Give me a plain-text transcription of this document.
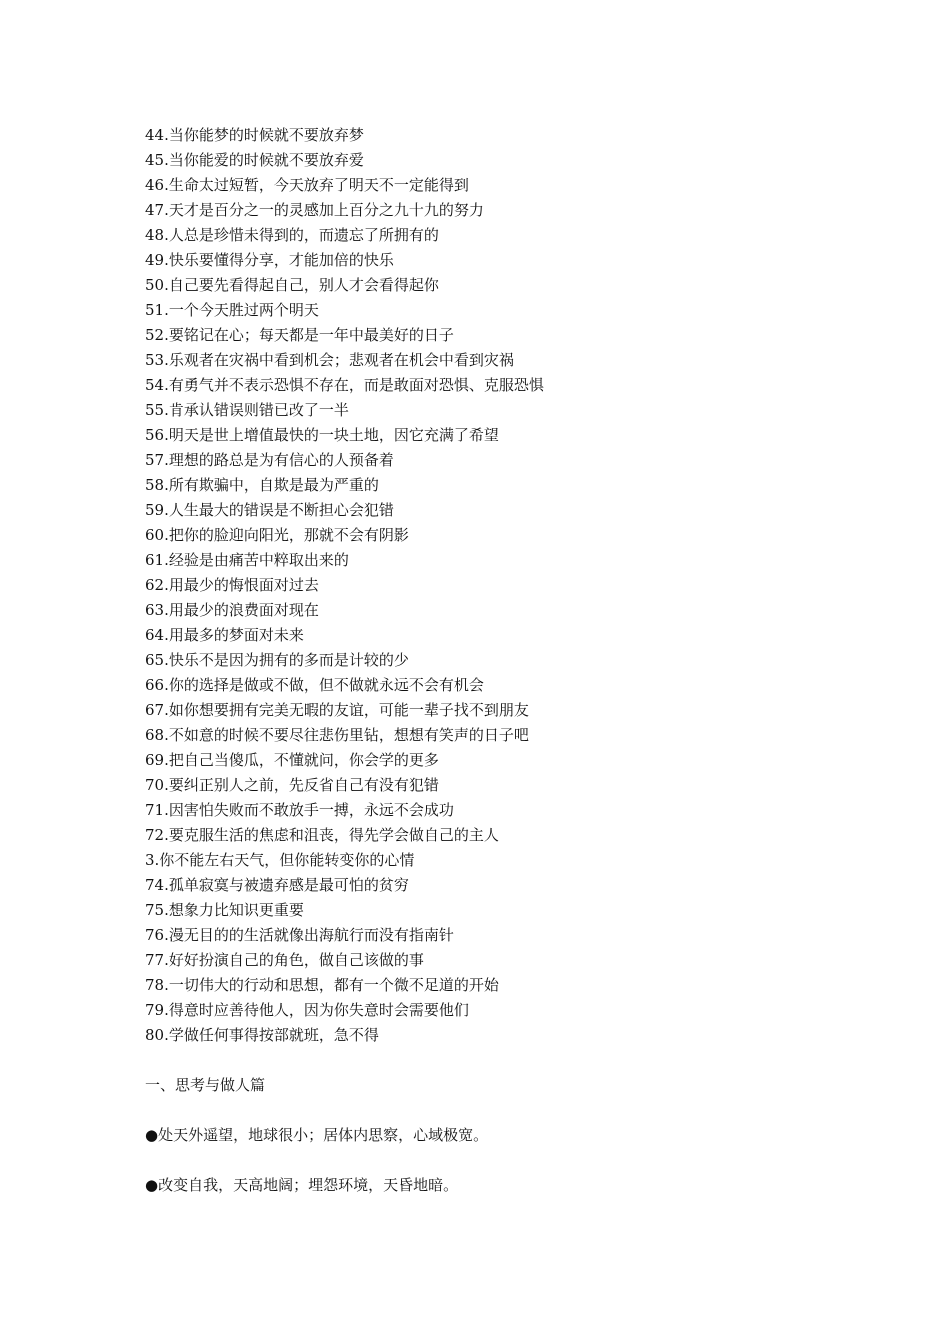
44.当你能梦的时候就不要放弃梦
45.当你能爱的时候就不要放弃爱
46.生命太过短暂，今天放弃了明天不一定能得到
47.天才是百分之一的灵感加上百分之九十九的努力
48.人总是珍惜未得到的，而遗忘了所拥有的
49.快乐要懂得分享，才能加倍的快乐
50.自己要先看得起自己，别人才会看得起你
51.一个今天胜过两个明天
52.要铭记在心；每天都是一年中最美好的日子
53.乐观者在灾祸中看到机会；悲观者在机会中看到灾祸
54.有勇气并不表示恐惧不存在，而是敢面对恐惧、克服恐惧
55.肯承认错误则错已改了一半
56.明天是世上增值最快的一块土地，因它充满了希望
57.理想的路总是为有信心的人预备着
58.所有欺骗中，自欺是最为严重的
59.人生最大的错误是不断担心会犯错
60.把你的脸迎向阳光，那就不会有阴影
61.经验是由痛苦中粹取出来的
62.用最少的悔恨面对过去
63.用最少的浪费面对现在
64.用最多的梦面对未来
65.快乐不是因为拥有的多而是计较的少
66.你的选择是做或不做，但不做就永远不会有机会
67.如你想要拥有完美无暇的友谊，可能一辈子找不到朋友
68.不如意的时候不要尽往悲伤里钻，想想有笑声的日子吧
69.把自己当傻瓜，不懂就问，你会学的更多
70.要纠正别人之前，先反省自己有没有犯错
71.因害怕失败而不敢放手一搏，永远不会成功
72.要克服生活的焦虑和沮丧，得先学会做自己的主人
3.你不能左右天气，但你能转变你的心情
74.孤单寂寞与被遗弃感是最可怕的贫穷
75.想象力比知识更重要
76.漫无目的的生活就像出海航行而没有指南针
77.好好扮演自己的角色，做自己该做的事
78.一切伟大的行动和思想，都有一个微不足道的开始
79.得意时应善待他人，因为你失意时会需要他们
80.学做任何事得按部就班，急不得
一、思考与做人篇
●处天外遥望，地球很小；居体内思察，心域极宽。
●改变自我，天高地阔；埋怨环境，天昏地暗。
